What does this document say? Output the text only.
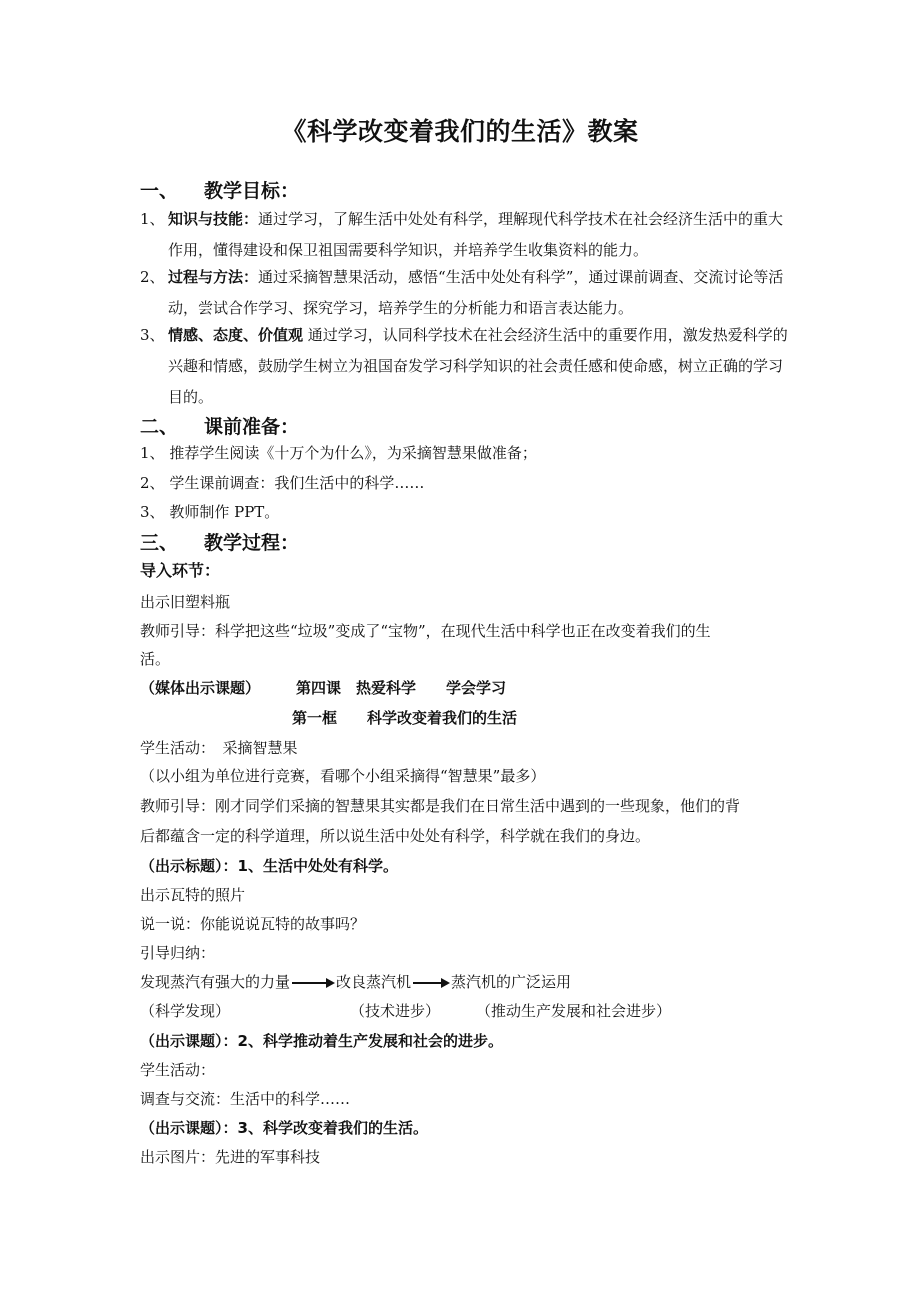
《科学改变着我们的生活》教案
一、 教学目标：
1、 知识与技能：通过学习，了解生活中处处有科学，理解现代科学技术在社会经济生活中的重大作用，懂得建设和保卫祖国需要科学知识，并培养学生收集资料的能力。
2、 过程与方法：通过采摘智慧果活动，感悟“生活中处处有科学”，通过课前调查、交流讨论等活动，尝试合作学习、探究学习，培养学生的分析能力和语言表达能力。
3、 情感、态度、价值观 通过学习，认同科学技术在社会经济生活中的重要作用，激发热爱科学的兴趣和情感，鼓励学生树立为祖国奋发学习科学知识的社会责任感和使命感，树立正确的学习目的。
二、 课前准备：
1、 推荐学生阅读《十万个为什么》，为采摘智慧果做准备；
2、 学生课前调查：我们生活中的科学……
3、 教师制作 PPT。
三、 教学过程：
导入环节：
出示旧塑料瓶
教师引导：科学把这些“垃圾”变成了“宝物”，在现代生活中科学也正在改变着我们的生
活。
（媒体出示课题） 第四课　热爱科学　　学会学习
第一框　　科学改变着我们的生活
学生活动：　采摘智慧果
（以小组为单位进行竞赛，看哪个小组采摘得“智慧果”最多）
教师引导：刚才同学们采摘的智慧果其实都是我们在日常生活中遇到的一些现象，他们的背
后都蕴含一定的科学道理，所以说生活中处处有科学，科学就在我们的身边。
（出示标题）：1、生活中处处有科学。
出示瓦特的照片
说一说：你能说说瓦特的故事吗？
引导归纳：
发现蒸汽有强大的力量	改良蒸汽机	蒸汽机的广泛运用
（科学发现）	（技术进步） （推动生产发展和社会进步）
（出示课题）：2、科学推动着生产发展和社会的进步。
学生活动：
调查与交流：生活中的科学……
（出示课题）：3、科学改变着我们的生活。
出示图片：先进的军事科技
